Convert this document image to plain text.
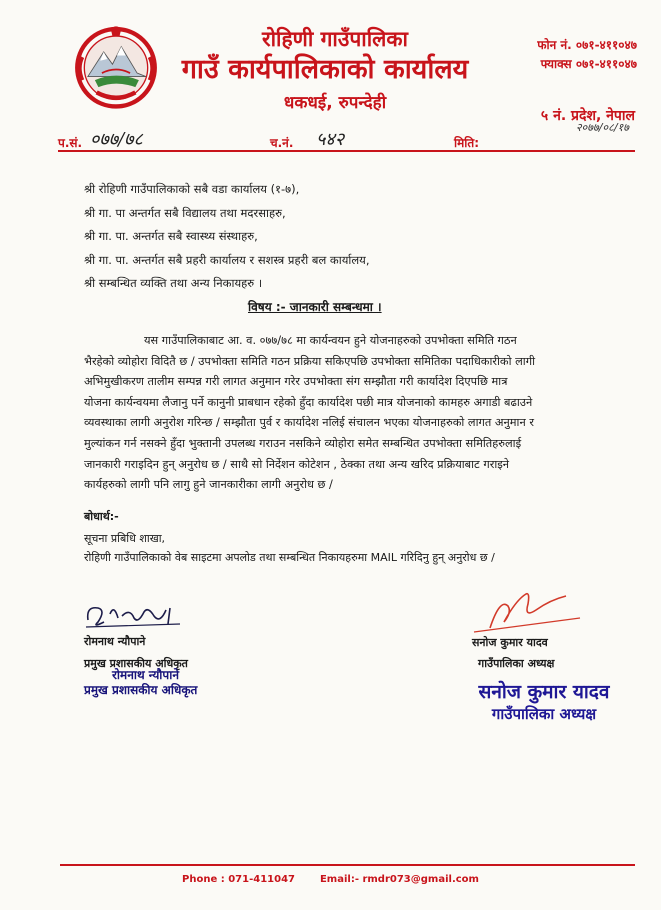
रोहिणी गाउँपालिका
गाउँ कार्यपालिकाको कार्यालय
धकधई, रुपन्देही
फोन नं. ०७१-४११०४७
फ्याक्स ०७१-४११०४७
५ नं. प्रदेश, नेपाल
प.सं. ०७७/७८	च.नं. ५४२	मिति:
२०७७/०८/१७
श्री रोहिणी गाउँपालिकाको सबै वडा कार्यालय (१-७),
श्री गा. पा अन्तर्गत सबै विद्यालय तथा मदरसाहरु,
श्री गा. पा. अन्तर्गत सबै स्वास्थ्य संस्थाहरु,
श्री गा. पा. अन्तर्गत सबै प्रहरी कार्यालय र सशस्त्र प्रहरी बल कार्यालय,
श्री सम्बन्धित व्यक्ति तथा अन्य निकायहरु ।
विषय :- जानकारी सम्बन्धमा ।
यस गाउँपालिकाबाट आ. व. ०७७/७८ मा कार्यन्वयन हुने योजनाहरुको उपभोक्ता समिति गठन
भैरहेको व्योहोरा विदितै छ / उपभोक्ता समिति गठन प्रक्रिया सकिएपछि उपभोक्ता समितिका पदाधिकारीको लागी
अभिमुखीकरण तालीम सम्पन्न गरी लागत अनुमान गरेर उपभोक्ता संग सम्झौता गरी कार्यादेश दिएपछि मात्र
योजना कार्यन्वयमा लैजानु पर्ने कानुनी प्राबधान रहेको हुँदा कार्यादेश पछी मात्र योजनाको कामहरु अगाडी बढाउने
व्यवस्थाका लागी अनुरोश गरिन्छ / सम्झौता पुर्व र कार्यादेश नलिई संचालन भएका योजनाहरुको लागत अनुमान र
मुल्यांकन गर्न नसक्ने हुँदा भुक्तानी उपलब्ध गराउन नसकिने व्योहोरा समेत सम्बन्धित उपभोक्ता समितिहरुलाई
जानकारी गराइदिन हुन् अनुरोध छ / साथै सो निर्देशन कोटेशन , ठेक्का तथा अन्य खरिद प्रक्रियाबाट गराइने
कार्यहरुको लागी पनि लागु हुने जानकारीका लागी अनुरोध छ /
बोधार्थ:-
सूचना प्रबिधि शाखा,
रोहिणी गाउँपालिकाको वेब साइटमा अपलोड तथा सम्बन्धित निकायहरुमा MAIL गरिदिनु हुन् अनुरोध छ /
रोमनाथ न्यौपाने
प्रमुख प्रशासकीय अधिकृत
रोमनाथ न्यौपाने
प्रमुख प्रशासकीय अधिकृत
सनोज कुमार यादव
गाउँपालिका अध्यक्ष
सनोज कुमार यादव
गाउँपालिका अध्यक्ष
Phone : 071-411047 Email:- rmdr073@gmail.com
